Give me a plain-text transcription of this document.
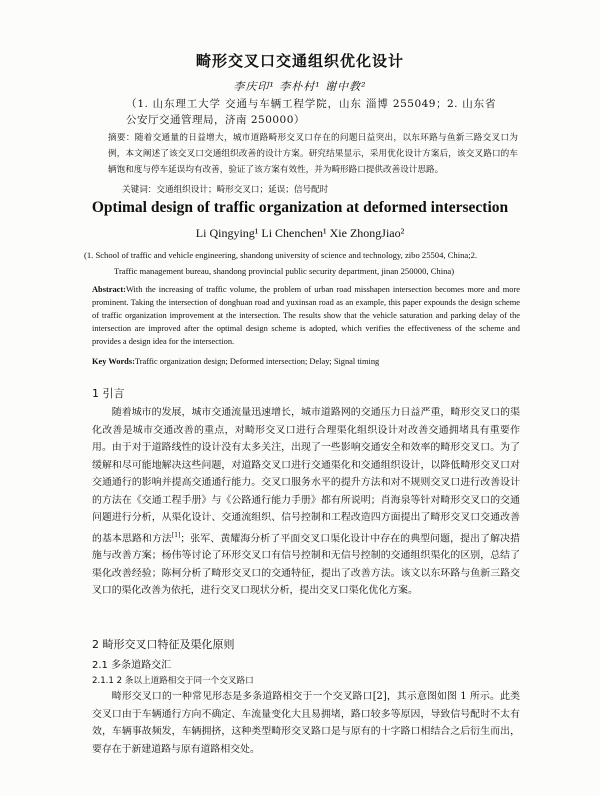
畸形交叉口交通组织优化设计
李庆印¹ 李朴村¹ 谢中教²
（1. 山东理工大学 交通与车辆工程学院，山东 淄博 255049；2. 山东省公安厅交通管理局，济南 250000）
摘要：随着交通量的日益增大，城市道路畸形交叉口存在的问题日益突出，以东环路与鱼新三路交叉口为例，本文阐述了该交叉口交通组织改善的设计方案。研究结果显示，采用优化设计方案后，该交叉路口的车辆饱和度与停车延误均有改善，验证了该方案有效性，并为畸形路口提供改善设计思路。
关键词：交通组织设计；畸形交叉口；延误；信号配时
Optimal design of traffic organization at deformed intersection
Li Qingying¹ Li Chenchen¹ Xie ZhongJiao²
(1. School of traffic and vehicle engineering, shandong university of science and technology, zibo 25504, China;2.
Traffic management bureau, shandong provincial public security department, jinan 250000, China)
Abstract:With the increasing of traffic volume, the problem of urban road misshapen intersection becomes more and more prominent. Taking the intersection of donghuan road and yuxinsan road as an example, this paper expounds the design scheme of traffic organization improvement at the intersection. The results show that the vehicle saturation and parking delay of the intersection are improved after the optimal design scheme is adopted, which verifies the effectiveness of the scheme and provides a design idea for the intersection.
Key Words:Traffic organization design; Deformed intersection; Delay; Signal timing
1 引言

随着城市的发展，城市交通流量迅速增长，城市道路网的交通压力日益严重，畸形交叉口的渠化改善是城市交通改善的重点，对畸形交叉口进行合理渠化组织设计对改善交通拥堵具有重要作用。由于对于道路线性的设计没有太多关注，出现了一些影响交通安全和效率的畸形交叉口。为了缓解和尽可能地解决这些问题，对道路交叉口进行交通渠化和交通组织设计，以降低畸形交叉口对交通通行的影响并提高交通通行能力。交叉口服务水平的提升方法和对不规则交叉口进行改善设计的方法在《交通工程手册》与《公路通行能力手册》都有所说明；肖海泉等针对畸形交叉口的交通问题进行分析，从渠化设计、交通流组织、信号控制和工程改造四方面提出了畸形交叉口交通改善的基本思路和方法[1]；张军、黄耀海分析了平面交叉口渠化设计中存在的典型问题，提出了解决措施与改善方案；杨伟等讨论了环形交叉口有信号控制和无信号控制的交通组织渠化的区别，总结了渠化改善经验；陈柯分析了畸形交叉口的交通特征，提出了改善方法。该文以东环路与鱼新三路交叉口的渠化改善为依托，进行交叉口现状分析，提出交叉口渠化优化方案。

2 畸形交叉口特征及渠化原则
2.1 多条道路交汇
2.1.1 2 条以上道路相交于同一个交叉路口

畸形交叉口的一种常见形态是多条道路相交于一个交叉路口[2]，其示意图如图 1 所示。此类交叉口由于车辆通行方向不确定、车流量变化大且易拥堵，路口较多等原因，导致信号配时不太有效，车辆事故频发，车辆拥挤，这种类型畸形交叉路口是与原有的十字路口相结合之后衍生而出，要存在于新建道路与原有道路相交处。
